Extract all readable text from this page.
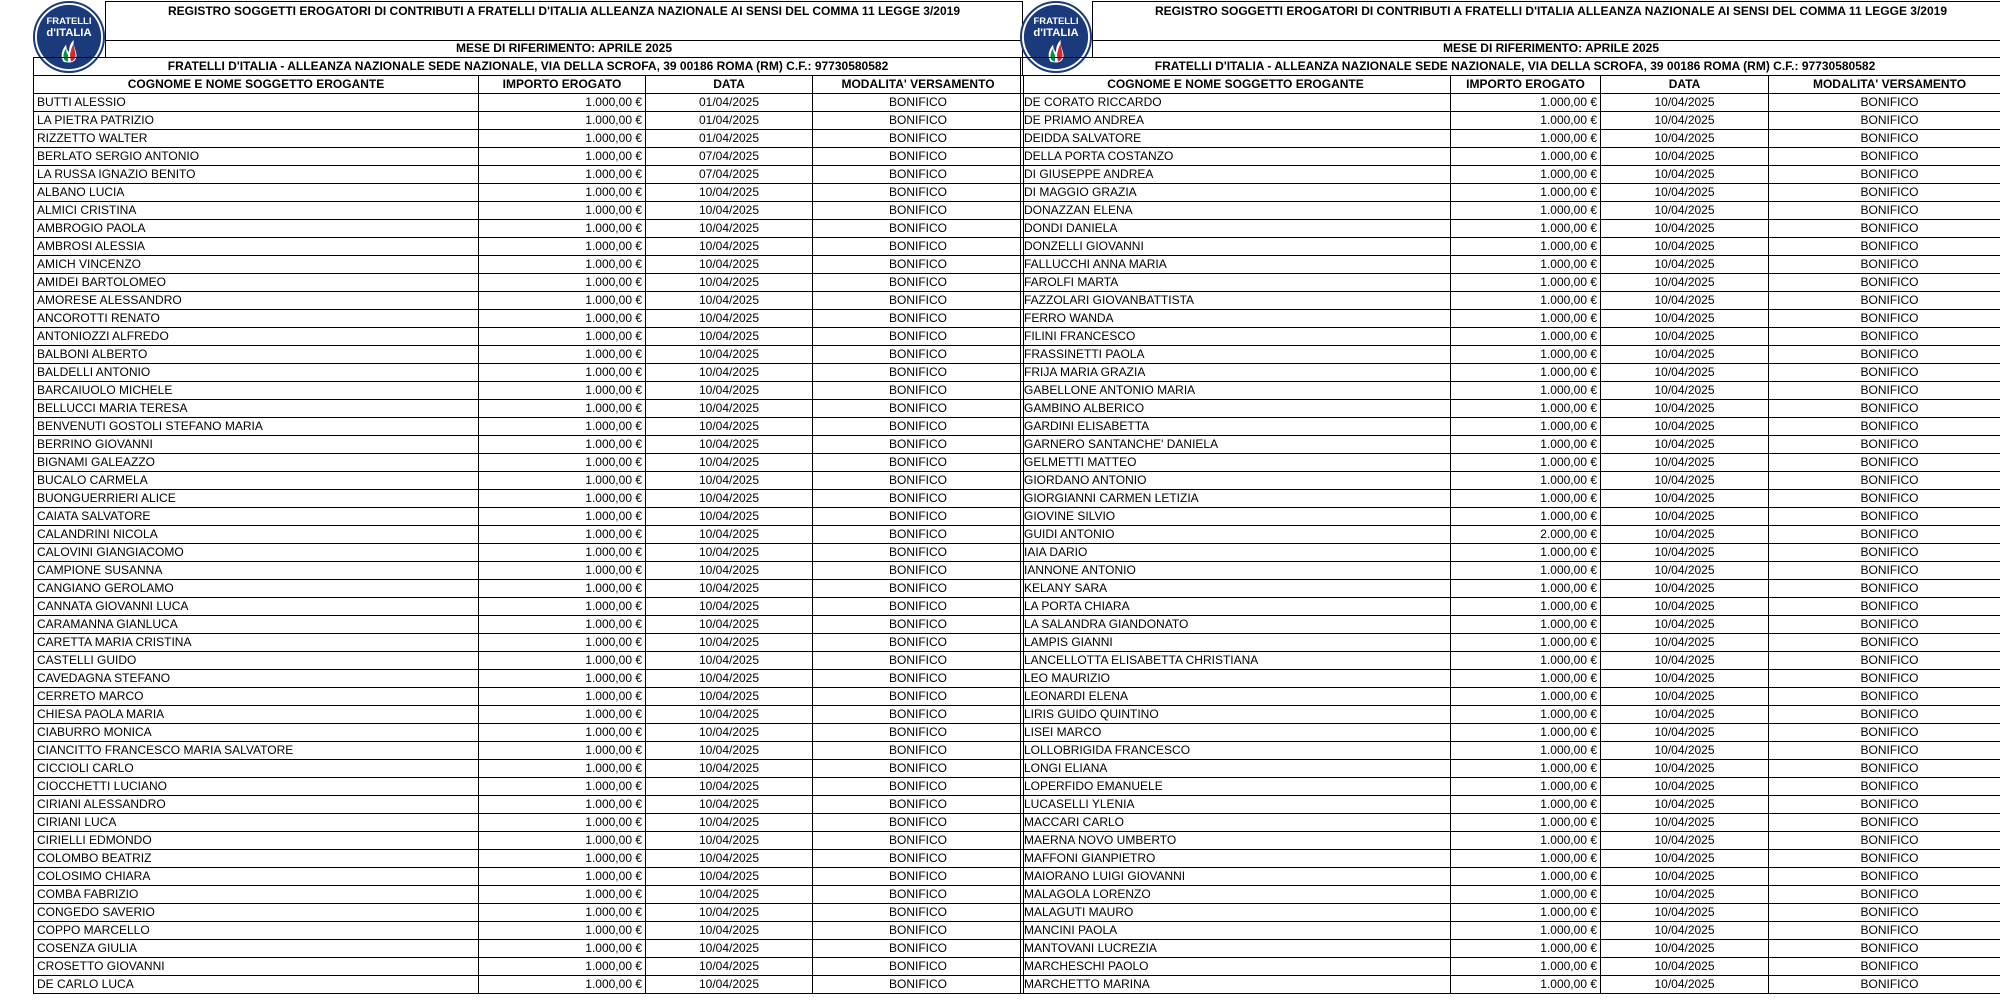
FRATELLI
d'ITALIA
REGISTRO SOGGETTI EROGATORI DI CONTRIBUTI A FRATELLI D'ITALIA ALLEANZA NAZIONALE AI SENSI DEL COMMA 11 LEGGE 3/2019
MESE DI RIFERIMENTO: APRILE 2025
FRATELLI D'ITALIA - ALLEANZA NAZIONALE SEDE NAZIONALE, VIA DELLA SCROFA, 39 00186 ROMA (RM) C.F.: 97730580582
COGNOME E NOME SOGGETTO EROGANTE	IMPORTO EROGATO	DATA	MODALITA' VERSAMENTO
BUTTI ALESSIO	1.000,00 €	01/04/2025	BONIFICO
LA PIETRA PATRIZIO	1.000,00 €	01/04/2025	BONIFICO
RIZZETTO WALTER	1.000,00 €	01/04/2025	BONIFICO
BERLATO SERGIO ANTONIO	1.000,00 €	07/04/2025	BONIFICO
LA RUSSA IGNAZIO BENITO	1.000,00 €	07/04/2025	BONIFICO
ALBANO LUCIA	1.000,00 €	10/04/2025	BONIFICO
ALMICI CRISTINA	1.000,00 €	10/04/2025	BONIFICO
AMBROGIO PAOLA	1.000,00 €	10/04/2025	BONIFICO
AMBROSI ALESSIA	1.000,00 €	10/04/2025	BONIFICO
AMICH VINCENZO	1.000,00 €	10/04/2025	BONIFICO
AMIDEI BARTOLOMEO	1.000,00 €	10/04/2025	BONIFICO
AMORESE ALESSANDRO	1.000,00 €	10/04/2025	BONIFICO
ANCOROTTI RENATO	1.000,00 €	10/04/2025	BONIFICO
ANTONIOZZI ALFREDO	1.000,00 €	10/04/2025	BONIFICO
BALBONI ALBERTO	1.000,00 €	10/04/2025	BONIFICO
BALDELLI ANTONIO	1.000,00 €	10/04/2025	BONIFICO
BARCAIUOLO MICHELE	1.000,00 €	10/04/2025	BONIFICO
BELLUCCI MARIA TERESA	1.000,00 €	10/04/2025	BONIFICO
BENVENUTI GOSTOLI STEFANO MARIA	1.000,00 €	10/04/2025	BONIFICO
BERRINO GIOVANNI	1.000,00 €	10/04/2025	BONIFICO
BIGNAMI GALEAZZO	1.000,00 €	10/04/2025	BONIFICO
BUCALO CARMELA	1.000,00 €	10/04/2025	BONIFICO
BUONGUERRIERI ALICE	1.000,00 €	10/04/2025	BONIFICO
CAIATA SALVATORE	1.000,00 €	10/04/2025	BONIFICO
CALANDRINI NICOLA	1.000,00 €	10/04/2025	BONIFICO
CALOVINI GIANGIACOMO	1.000,00 €	10/04/2025	BONIFICO
CAMPIONE SUSANNA	1.000,00 €	10/04/2025	BONIFICO
CANGIANO GEROLAMO	1.000,00 €	10/04/2025	BONIFICO
CANNATA GIOVANNI LUCA	1.000,00 €	10/04/2025	BONIFICO
CARAMANNA GIANLUCA	1.000,00 €	10/04/2025	BONIFICO
CARETTA MARIA CRISTINA	1.000,00 €	10/04/2025	BONIFICO
CASTELLI GUIDO	1.000,00 €	10/04/2025	BONIFICO
CAVEDAGNA STEFANO	1.000,00 €	10/04/2025	BONIFICO
CERRETO MARCO	1.000,00 €	10/04/2025	BONIFICO
CHIESA PAOLA MARIA	1.000,00 €	10/04/2025	BONIFICO
CIABURRO MONICA	1.000,00 €	10/04/2025	BONIFICO
CIANCITTO FRANCESCO MARIA SALVATORE	1.000,00 €	10/04/2025	BONIFICO
CICCIOLI CARLO	1.000,00 €	10/04/2025	BONIFICO
CIOCCHETTI LUCIANO	1.000,00 €	10/04/2025	BONIFICO
CIRIANI ALESSANDRO	1.000,00 €	10/04/2025	BONIFICO
CIRIANI LUCA	1.000,00 €	10/04/2025	BONIFICO
CIRIELLI EDMONDO	1.000,00 €	10/04/2025	BONIFICO
COLOMBO BEATRIZ	1.000,00 €	10/04/2025	BONIFICO
COLOSIMO CHIARA	1.000,00 €	10/04/2025	BONIFICO
COMBA FABRIZIO	1.000,00 €	10/04/2025	BONIFICO
CONGEDO SAVERIO	1.000,00 €	10/04/2025	BONIFICO
COPPO MARCELLO	1.000,00 €	10/04/2025	BONIFICO
COSENZA GIULIA	1.000,00 €	10/04/2025	BONIFICO
CROSETTO GIOVANNI	1.000,00 €	10/04/2025	BONIFICO
DE CARLO LUCA	1.000,00 €	10/04/2025	BONIFICO
FRATELLI
d'ITALIA
REGISTRO SOGGETTI EROGATORI DI CONTRIBUTI A FRATELLI D'ITALIA ALLEANZA NAZIONALE AI SENSI DEL COMMA 11 LEGGE 3/2019
MESE DI RIFERIMENTO: APRILE 2025
FRATELLI D'ITALIA - ALLEANZA NAZIONALE SEDE NAZIONALE, VIA DELLA SCROFA, 39 00186 ROMA (RM) C.F.: 97730580582
COGNOME E NOME SOGGETTO EROGANTE	IMPORTO EROGATO	DATA	MODALITA' VERSAMENTO
DE CORATO RICCARDO	1.000,00 €	10/04/2025	BONIFICO
DE PRIAMO ANDREA	1.000,00 €	10/04/2025	BONIFICO
DEIDDA SALVATORE	1.000,00 €	10/04/2025	BONIFICO
DELLA PORTA COSTANZO	1.000,00 €	10/04/2025	BONIFICO
DI GIUSEPPE ANDREA	1.000,00 €	10/04/2025	BONIFICO
DI MAGGIO GRAZIA	1.000,00 €	10/04/2025	BONIFICO
DONAZZAN ELENA	1.000,00 €	10/04/2025	BONIFICO
DONDI DANIELA	1.000,00 €	10/04/2025	BONIFICO
DONZELLI GIOVANNI	1.000,00 €	10/04/2025	BONIFICO
FALLUCCHI ANNA MARIA	1.000,00 €	10/04/2025	BONIFICO
FAROLFI MARTA	1.000,00 €	10/04/2025	BONIFICO
FAZZOLARI GIOVANBATTISTA	1.000,00 €	10/04/2025	BONIFICO
FERRO WANDA	1.000,00 €	10/04/2025	BONIFICO
FILINI FRANCESCO	1.000,00 €	10/04/2025	BONIFICO
FRASSINETTI PAOLA	1.000,00 €	10/04/2025	BONIFICO
FRIJA MARIA GRAZIA	1.000,00 €	10/04/2025	BONIFICO
GABELLONE ANTONIO MARIA	1.000,00 €	10/04/2025	BONIFICO
GAMBINO ALBERICO	1.000,00 €	10/04/2025	BONIFICO
GARDINI ELISABETTA	1.000,00 €	10/04/2025	BONIFICO
GARNERO SANTANCHE' DANIELA	1.000,00 €	10/04/2025	BONIFICO
GELMETTI MATTEO	1.000,00 €	10/04/2025	BONIFICO
GIORDANO ANTONIO	1.000,00 €	10/04/2025	BONIFICO
GIORGIANNI CARMEN LETIZIA	1.000,00 €	10/04/2025	BONIFICO
GIOVINE SILVIO	1.000,00 €	10/04/2025	BONIFICO
GUIDI ANTONIO	2.000,00 €	10/04/2025	BONIFICO
IAIA DARIO	1.000,00 €	10/04/2025	BONIFICO
IANNONE ANTONIO	1.000,00 €	10/04/2025	BONIFICO
KELANY SARA	1.000,00 €	10/04/2025	BONIFICO
LA PORTA CHIARA	1.000,00 €	10/04/2025	BONIFICO
LA SALANDRA GIANDONATO	1.000,00 €	10/04/2025	BONIFICO
LAMPIS GIANNI	1.000,00 €	10/04/2025	BONIFICO
LANCELLOTTA ELISABETTA CHRISTIANA	1.000,00 €	10/04/2025	BONIFICO
LEO MAURIZIO	1.000,00 €	10/04/2025	BONIFICO
LEONARDI ELENA	1.000,00 €	10/04/2025	BONIFICO
LIRIS GUIDO QUINTINO	1.000,00 €	10/04/2025	BONIFICO
LISEI MARCO	1.000,00 €	10/04/2025	BONIFICO
LOLLOBRIGIDA FRANCESCO	1.000,00 €	10/04/2025	BONIFICO
LONGI ELIANA	1.000,00 €	10/04/2025	BONIFICO
LOPERFIDO EMANUELE	1.000,00 €	10/04/2025	BONIFICO
LUCASELLI YLENIA	1.000,00 €	10/04/2025	BONIFICO
MACCARI CARLO	1.000,00 €	10/04/2025	BONIFICO
MAERNA NOVO UMBERTO	1.000,00 €	10/04/2025	BONIFICO
MAFFONI GIANPIETRO	1.000,00 €	10/04/2025	BONIFICO
MAIORANO LUIGI GIOVANNI	1.000,00 €	10/04/2025	BONIFICO
MALAGOLA LORENZO	1.000,00 €	10/04/2025	BONIFICO
MALAGUTI MAURO	1.000,00 €	10/04/2025	BONIFICO
MANCINI PAOLA	1.000,00 €	10/04/2025	BONIFICO
MANTOVANI LUCREZIA	1.000,00 €	10/04/2025	BONIFICO
MARCHESCHI PAOLO	1.000,00 €	10/04/2025	BONIFICO
MARCHETTO MARINA	1.000,00 €	10/04/2025	BONIFICO
